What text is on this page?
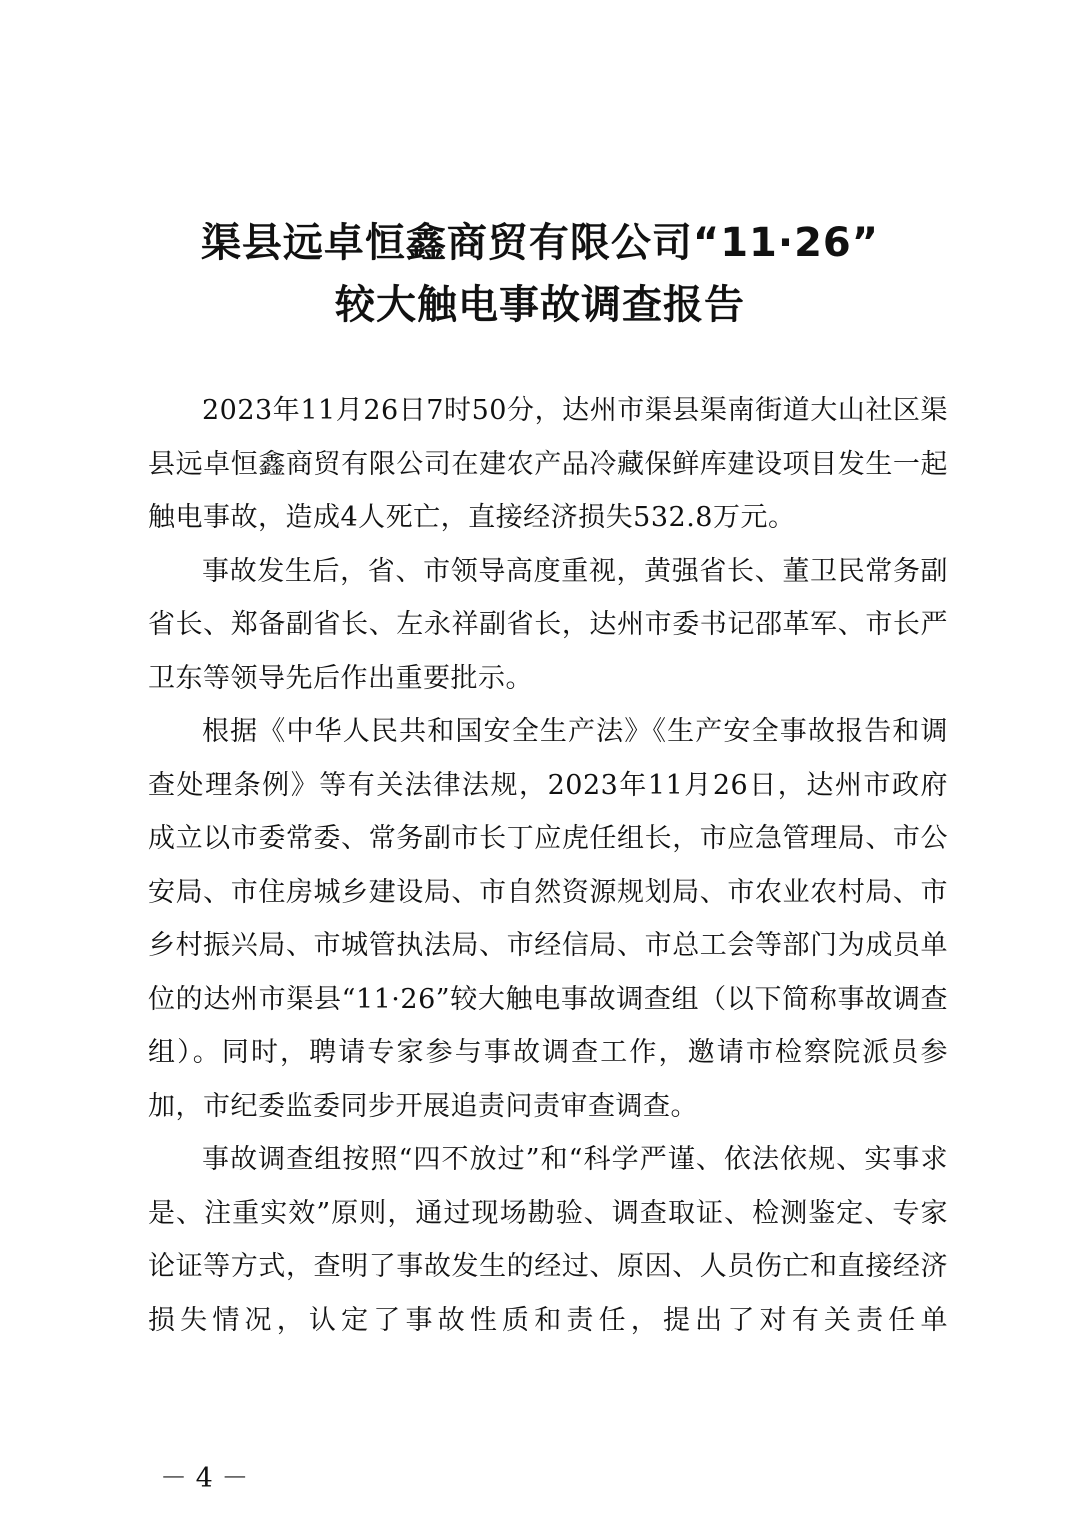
渠县远卓恒鑫商贸有限公司“11·26”
较大触电事故调查报告

2023年11月26日7时50分，达州市渠县渠南街道大山社区渠县远卓恒鑫商贸有限公司在建农产品冷藏保鲜库建设项目发生一起触电事故，造成4人死亡，直接经济损失532.8万元。

事故发生后，省、市领导高度重视，黄强省长、董卫民常务副省长、郑备副省长、左永祥副省长，达州市委书记邵革军、市长严卫东等领导先后作出重要批示。

根据《中华人民共和国安全生产法》《生产安全事故报告和调查处理条例》等有关法律法规，2023年11月26日，达州市政府成立以市委常委、常务副市长丁应虎任组长，市应急管理局、市公安局、市住房城乡建设局、市自然资源规划局、市农业农村局、市乡村振兴局、市城管执法局、市经信局、市总工会等部门为成员单位的达州市渠县“11·26”较大触电事故调查组（以下简称事故调查组）。同时，聘请专家参与事故调查工作，邀请市检察院派员参加，市纪委监委同步开展追责问责审查调查。

事故调查组按照“四不放过”和“科学严谨、依法依规、实事求是、注重实效”原则，通过现场勘验、调查取证、检测鉴定、专家论证等方式，查明了事故发生的经过、原因、人员伤亡和直接经济损失情况，认定了事故性质和责任，提出了对有关责任单

－ 4 －
